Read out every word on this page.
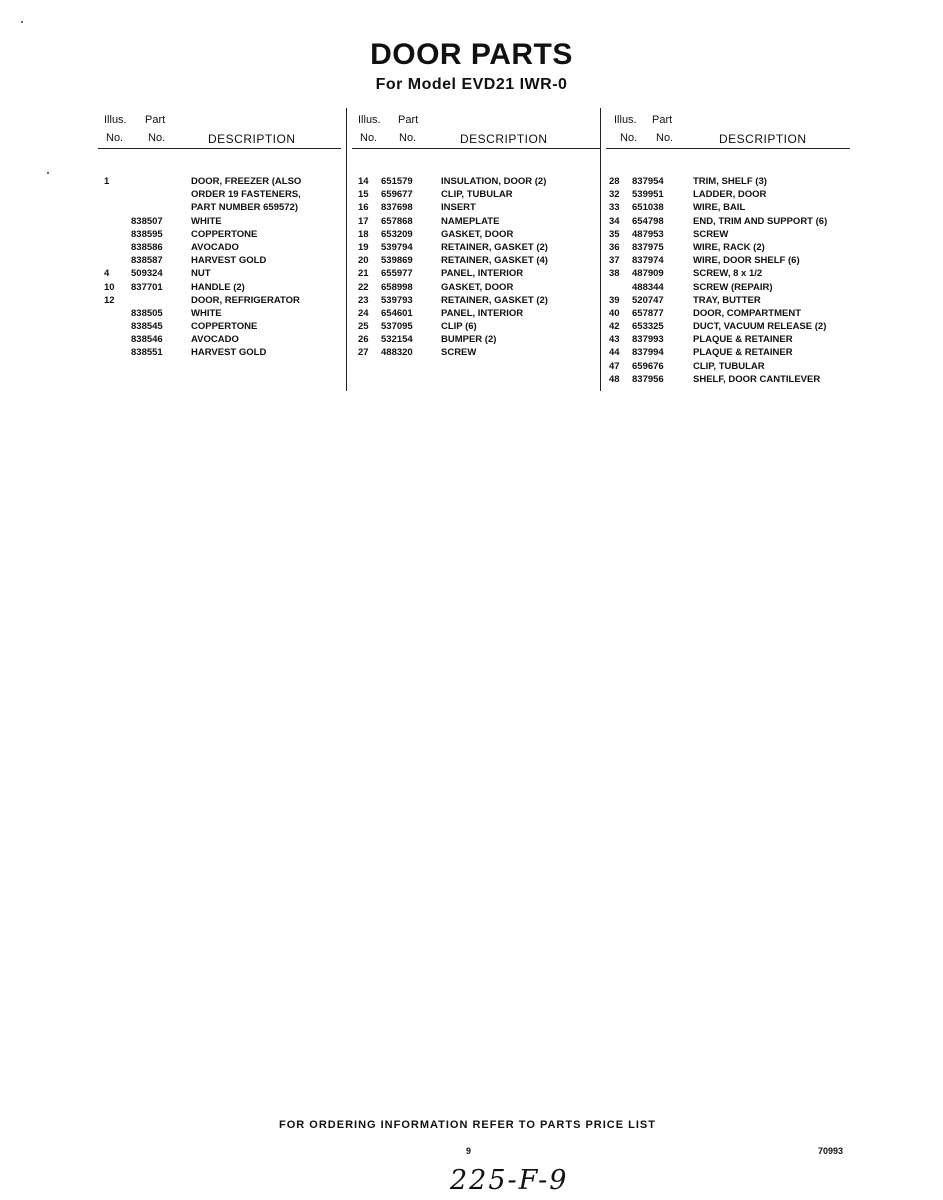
DOOR PARTS
For Model EVD21 IWR-0
Illus. Part
No. No.	DESCRIPTION
1	DOOR, FREEZER (ALSO
ORDER 19 FASTENERS,
PART NUMBER 659572)
838507	WHITE
838595	COPPERTONE
838586	AVOCADO
838587	HARVEST GOLD
4 509324	NUT
10 837701	HANDLE (2)
12	DOOR, REFRIGERATOR
838505	WHITE
838545	COPPERTONE
838546	AVOCADO
838551	HARVEST GOLD
Illus. Part
No. No.	DESCRIPTION
14 651579	INSULATION, DOOR (2)
15 659677	CLIP, TUBULAR
16 837698	INSERT
17 657868	NAMEPLATE
18 653209	GASKET, DOOR
19 539794	RETAINER, GASKET (2)
20 539869	RETAINER, GASKET (4)
21 655977	PANEL, INTERIOR
22 658998	GASKET, DOOR
23 539793	RETAINER, GASKET (2)
24 654601	PANEL, INTERIOR
25 537095	CLIP (6)
26 532154	BUMPER (2)
27 488320	SCREW
Illus. Part
No. No.	DESCRIPTION
28 837954	TRIM, SHELF (3)
32 539951	LADDER, DOOR
33 651038	WIRE, BAIL
34 654798	END, TRIM AND SUPPORT (6)
35 487953	SCREW
36 837975	WIRE, RACK (2)
37 837974	WIRE, DOOR SHELF (6)
38 487909	SCREW, 8 x 1/2
488344	SCREW (REPAIR)
39 520747	TRAY, BUTTER
40 657877	DOOR, COMPARTMENT
42 653325	DUCT, VACUUM RELEASE (2)
43 837993	PLAQUE & RETAINER
44 837994	PLAQUE & RETAINER
47 659676	CLIP, TUBULAR
48 837956	SHELF, DOOR CANTILEVER
FOR ORDERING INFORMATION REFER TO PARTS PRICE LIST
9	70993
225-F-9
